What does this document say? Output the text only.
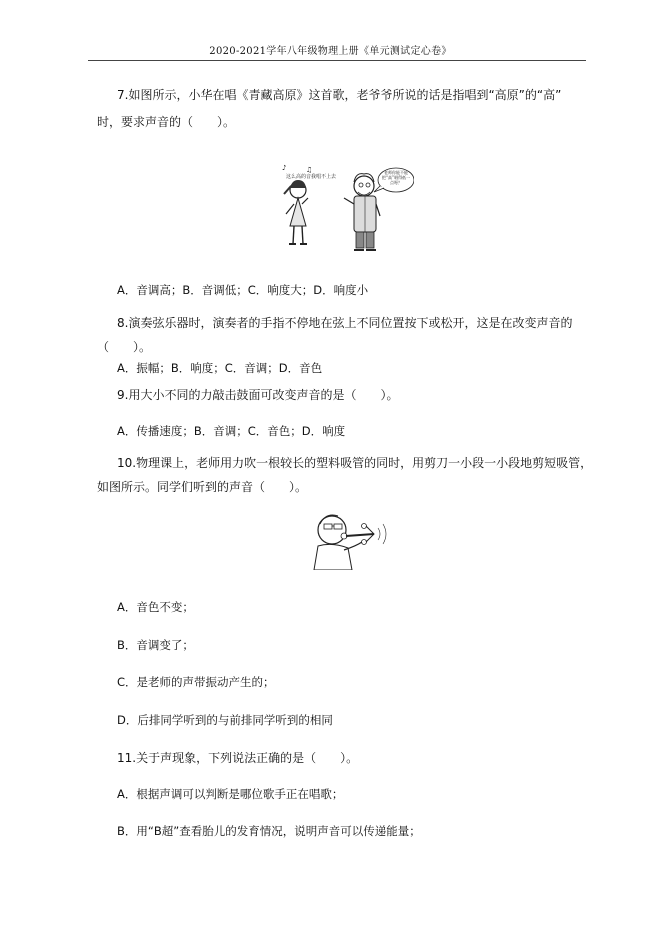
2020-2021学年八年级物理上册《单元测试定心卷》
7.如图所示，小华在唱《青藏高原》这首歌，老爷爷所说的话是指唱到“高原”的“高”
时，要求声音的（　　）。
♪	♫
这么高的音我唱不上去
老师你能不能把“高”唱得低一点呀？
A．音调高；B．音调低；C．响度大；D．响度小
8.演奏弦乐器时，演奏者的手指不停地在弦上不同位置按下或松开，这是在改变声音的
（　　）。
A．振幅；B．响度；C．音调；D．音色
9.用大小不同的力敲击鼓面可改变声音的是（　　）。
A．传播速度；B．音调；C．音色；D．响度
10.物理课上，老师用力吹一根较长的塑料吸管的同时，用剪刀一小段一小段地剪短吸管，
如图所示。同学们听到的声音（　　）。
A．音色不变；
B．音调变了；
C．是老师的声带振动产生的；
D．后排同学听到的与前排同学听到的相同
11.关于声现象，下列说法正确的是（　　）。
A．根据声调可以判断是哪位歌手正在唱歌；
B．用“B超”查看胎儿的发育情况，说明声音可以传递能量；
